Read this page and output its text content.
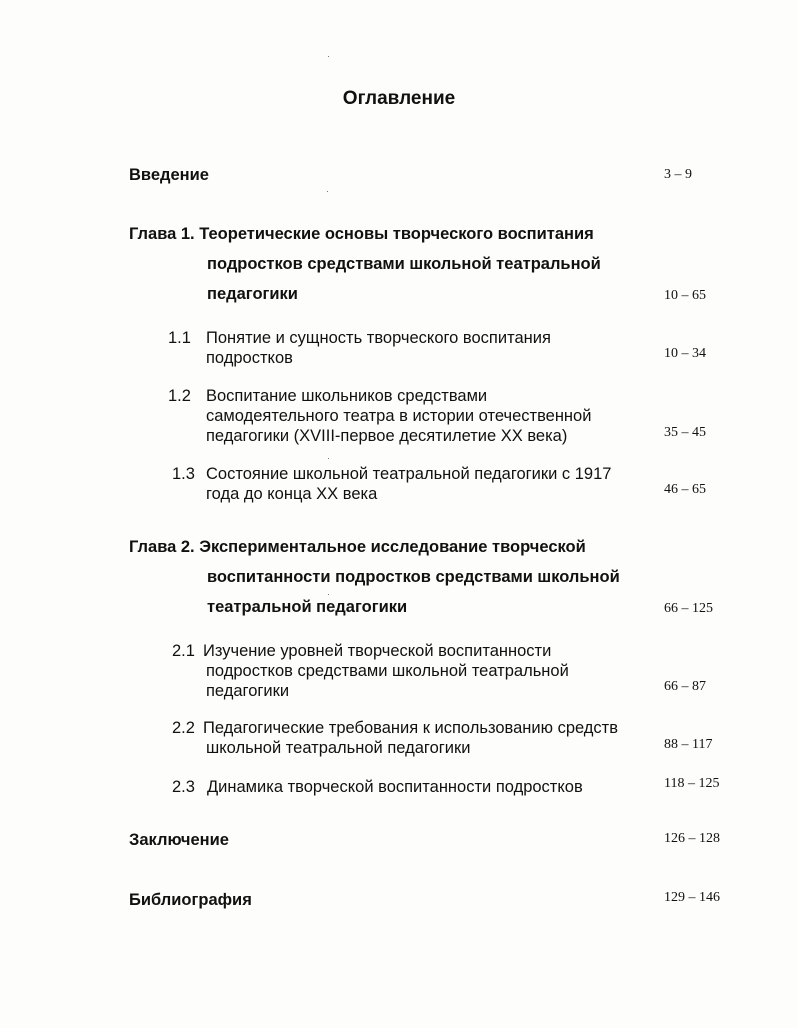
Оглавление
Введение	3 – 9
Глава 1. Теоретические основы творческого воспитания
подростков средствами школьной театральной
педагогики	10 – 65
1.1 Понятие и сущность творческого воспитания
подростков	10 – 34
1.2 Воспитание школьников средствами
самодеятельного театра в истории отечественной
педагогики (XVIII-первое десятилетие XX века)	35 – 45
1.3 Состояние школьной театральной педагогики с 1917
года до конца XX века	46 – 65
Глава 2. Экспериментальное исследование творческой
воспитанности подростков средствами школьной
театральной педагогики	66 – 125
2.1 Изучение уровней творческой воспитанности
подростков средствами школьной театральной
педагогики	66 – 87
2.2 Педагогические требования к использованию средств
школьной театральной педагогики	88 – 117
2.3 Динамика творческой воспитанности подростков	118 – 125
Заключение	126 – 128
Библиография	129 – 146
